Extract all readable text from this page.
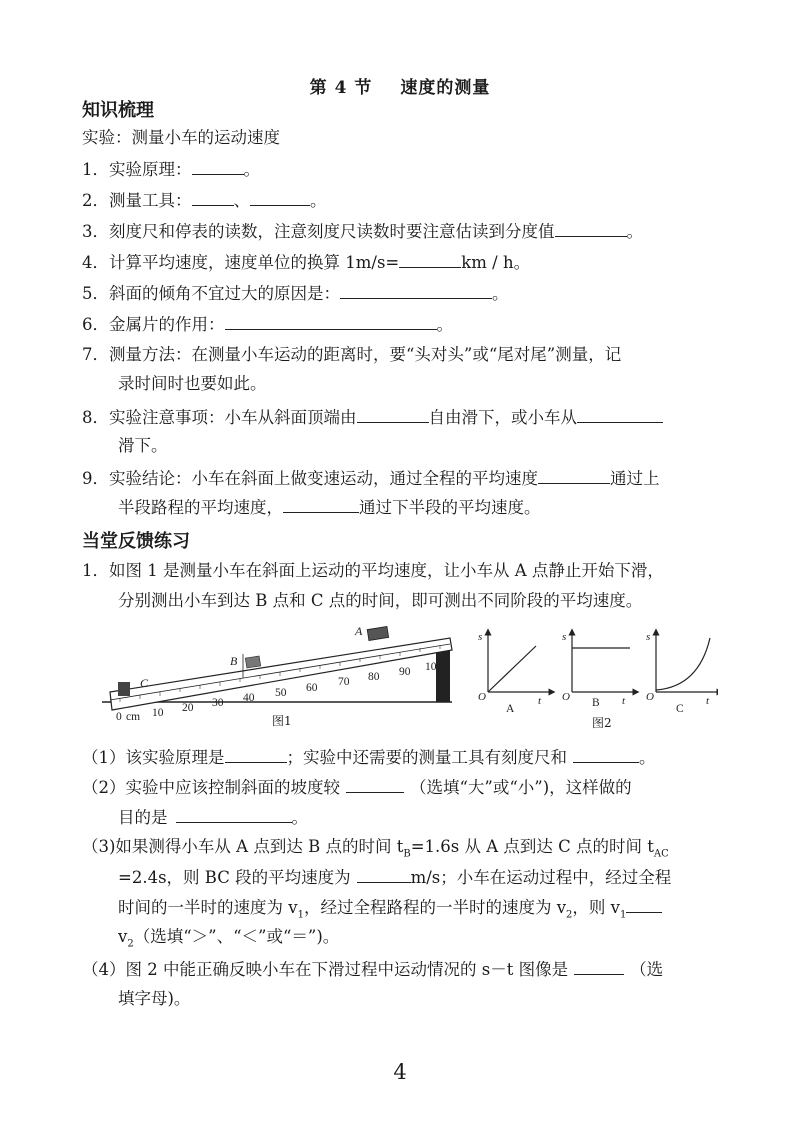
第 4 节 速度的测量
知识梳理
实验：测量小车的运动速度
1．实验原理：	。
2．测量工具：	、	。
3．刻度尺和停表的读数，注意刻度尺读数时要注意估读到分度值	。
4．计算平均速度，速度单位的换算 1m/s=	km / h。
5．斜面的倾角不宜过大的原因是：	。
6．金属片的作用：	。
7．测量方法：在测量小车运动的距离时，要“头对头”或“尾对尾”测量，记
录时间时也要如此。
8．实验注意事项：小车从斜面顶端由	自由滑下，或小车从
滑下。
9．实验结论：小车在斜面上做变速运动，通过全程的平均速度	通过上
半段路程的平均速度，	通过下半段的平均速度。
当堂反馈练习
1．如图 1 是测量小车在斜面上运动的平均速度，让小车从 A 点静止开始下滑，
分别测出小车到达 B 点和 C 点的时间，即可测出不同阶段的平均速度。
0 cm 10 20 30 40 50 60 70 80 90 100
A
B
C
图1
s	s	s
O	O	O
t	t	t
A	B	C
图2
（1）该实验原理是	；实验中还需要的测量工具有刻度尺和	。
（2）实验中应该控制斜面的坡度较	（选填“大”或“小”)，这样做的
目的是	。
（3)如果测得小车从 A 点到达 B 点的时间 $t_B=1.6s$ 从 A 点到达 C 点的时间 $t_{AC}$
=2.4s，则 BC 段的平均速度为	m/s；小车在运动过程中，经过全程
时间的一半时的速度为 $v_1$，经过全程路程的一半时的速度为 $v_2$，则 $v_1$
$v_2$（选填“＞”、“＜”或“＝”)。
（4）图 2 中能正确反映小车在下滑过程中运动情况的 s－t 图像是	（选
填字母)。
4
